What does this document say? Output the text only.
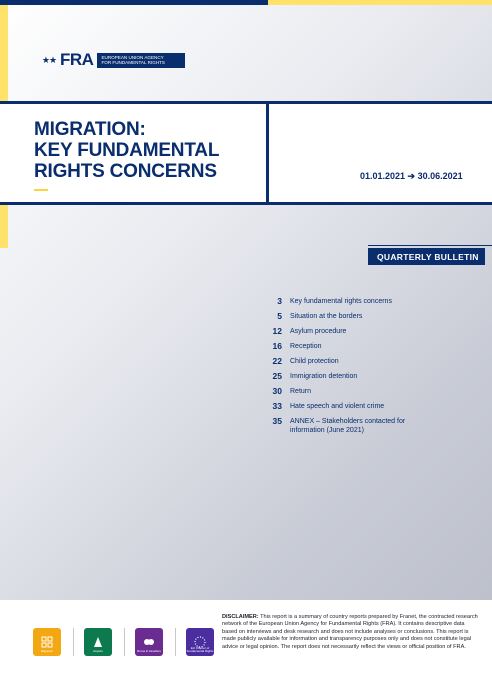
★★ FRA EUROPEAN UNION AGENCY
FOR FUNDAMENTAL RIGHTS
MIGRATION:
KEY FUNDAMENTAL
RIGHTS CONCERNS	01.01.2021 ➔ 30.06.2021
QUARTERLY BULLETIN
3 Key fundamental rights concerns
5 Situation at the borders
12 Asylum procedure
16 Reception
22 Child protection
25 Immigration detention
30 Return
33 Hate speech and violent crime
35 ANNEX – Stakeholders contacted for information (June 2021)
Migration	Asylum	Roma & travellers
EU Charter of Fundamental Rights

DISCLAIMER: This report is a summary of country reports prepared by Franet, the contracted research network of the European Union Agency for Fundamental Rights (FRA). It contains descriptive data based on interviews and desk research and does not include analyses or conclusions. This report is made publicly available for information and transparency purposes only and does not constitute legal advice or legal opinion. The report does not necessarily reflect the views or official position of FRA.
